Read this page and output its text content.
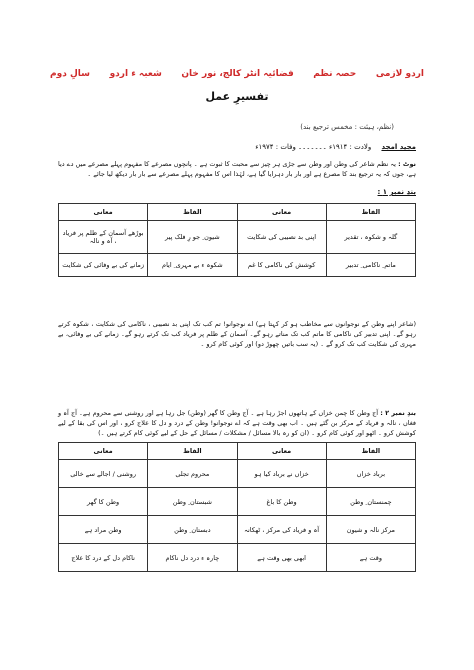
اردو لازمی
حصہ نظم
فضائیہ انٹر کالج، نور خان
شعبہ ء اردو
سالِ دوم
تفسیرِ عمل
(نظم، ہیئت : مخمس ترجیع بند)
مجید امجد ولادت : ۱۹۱۴ء ۔۔۔۔۔۔۔ وفات : ۱۹۷۴ء
نوٹ : یہ نظم شاعر کی وطن اور وطن سے جڑی ہر چیز سے محبت کا ثبوت ہے ۔ پانچوں مصرعے کا مفہوم پہلے مصرعے میں دے دیا ہے، جوں کہ یہ ترجیع بند کا مصرع ہے اور بار بار دہرایا گیا ہے، لہٰذا اس کا مفہوم پہلے مصرعے سے بار بار دیکھ لیا جائے ۔
بندِ نمبر ۱ :
الفاظ	معانی	الفاظ	معانی
گلہ و شکوہ ، تقدیر	اپنی بد نصیبی کی شکایت	شیون ِ جو رِ فلک پیر	بوڑھے آسمان کے ظلم پر فریاد ، آہ و نالہ
ماتم ِ ناکامی ِ تدبیر	کوشش کی ناکامی کا غم	شکوہ ء بے مہری ِ ایام	زمانے کی بے وفائی کی شکایت
(شاعر اپنے وطن کے نوجوانوں سے مخاطب ہو کر کہتا ہے) اے نوجوانو! تم کب تک اپنی بد نصیبی ، ناکامی کی شکایت ، شکوہ کرتے رہو گے۔ اپنی تدبیر کی ناکامی کا ماتم کب تک مناتے رہو گے۔ آسمان کے ظلم پر فریاد کب تک کرتے رہو گے۔ زمانے کی بے وفائی، بے مہری کی شکایت کب تک کرو گے ۔ (یہ سب باتیں چھوڑ دو) اور کوئی کام کرو ۔
بندِ نمبر ۲ : آج وطن کا چمن خزاں کے ہاتھوں اجڑ رہا ہے ۔ آج وطن کا گھر (وطن) جل رہا ہے اور روشنی سے محروم ہے۔ آج آہ و فغاں ، نالہ و فریاد کے مرکز بن گئے ہیں ۔ اب بھی وقت ہے کہ اے نوجوانو! وطن کے درد و دل کا علاج کرو ، اور اس کی بقا کے لیے کوشش کرو ۔ اٹھو اور کوئی کام کرو ۔ (ان کو رہ بالا مسائل / مشکلات / مسائل کے حل کے لیے کوئی کام کرتے ہیں ۔)
الفاظ	معانی	الفاظ	معانی
برباد خزاں	خزاں نے برباد کیا ہو	محروم تجلی	روشنی / اجالے سے خالی
چمنستان ِ وطن	وطن کا باغ	شبستان ِ وطن	وطن کا گھر
مرکز نالہ و شیون	آہ و فریاد کی مرکز ، ٹھکانہ	دبستان ِ وطن	وطن مراد ہے
وقت ہے	ابھی بھی وقت ہے	چارہ ء درد دل ناکام	ناکام دل کے درد کا علاج
